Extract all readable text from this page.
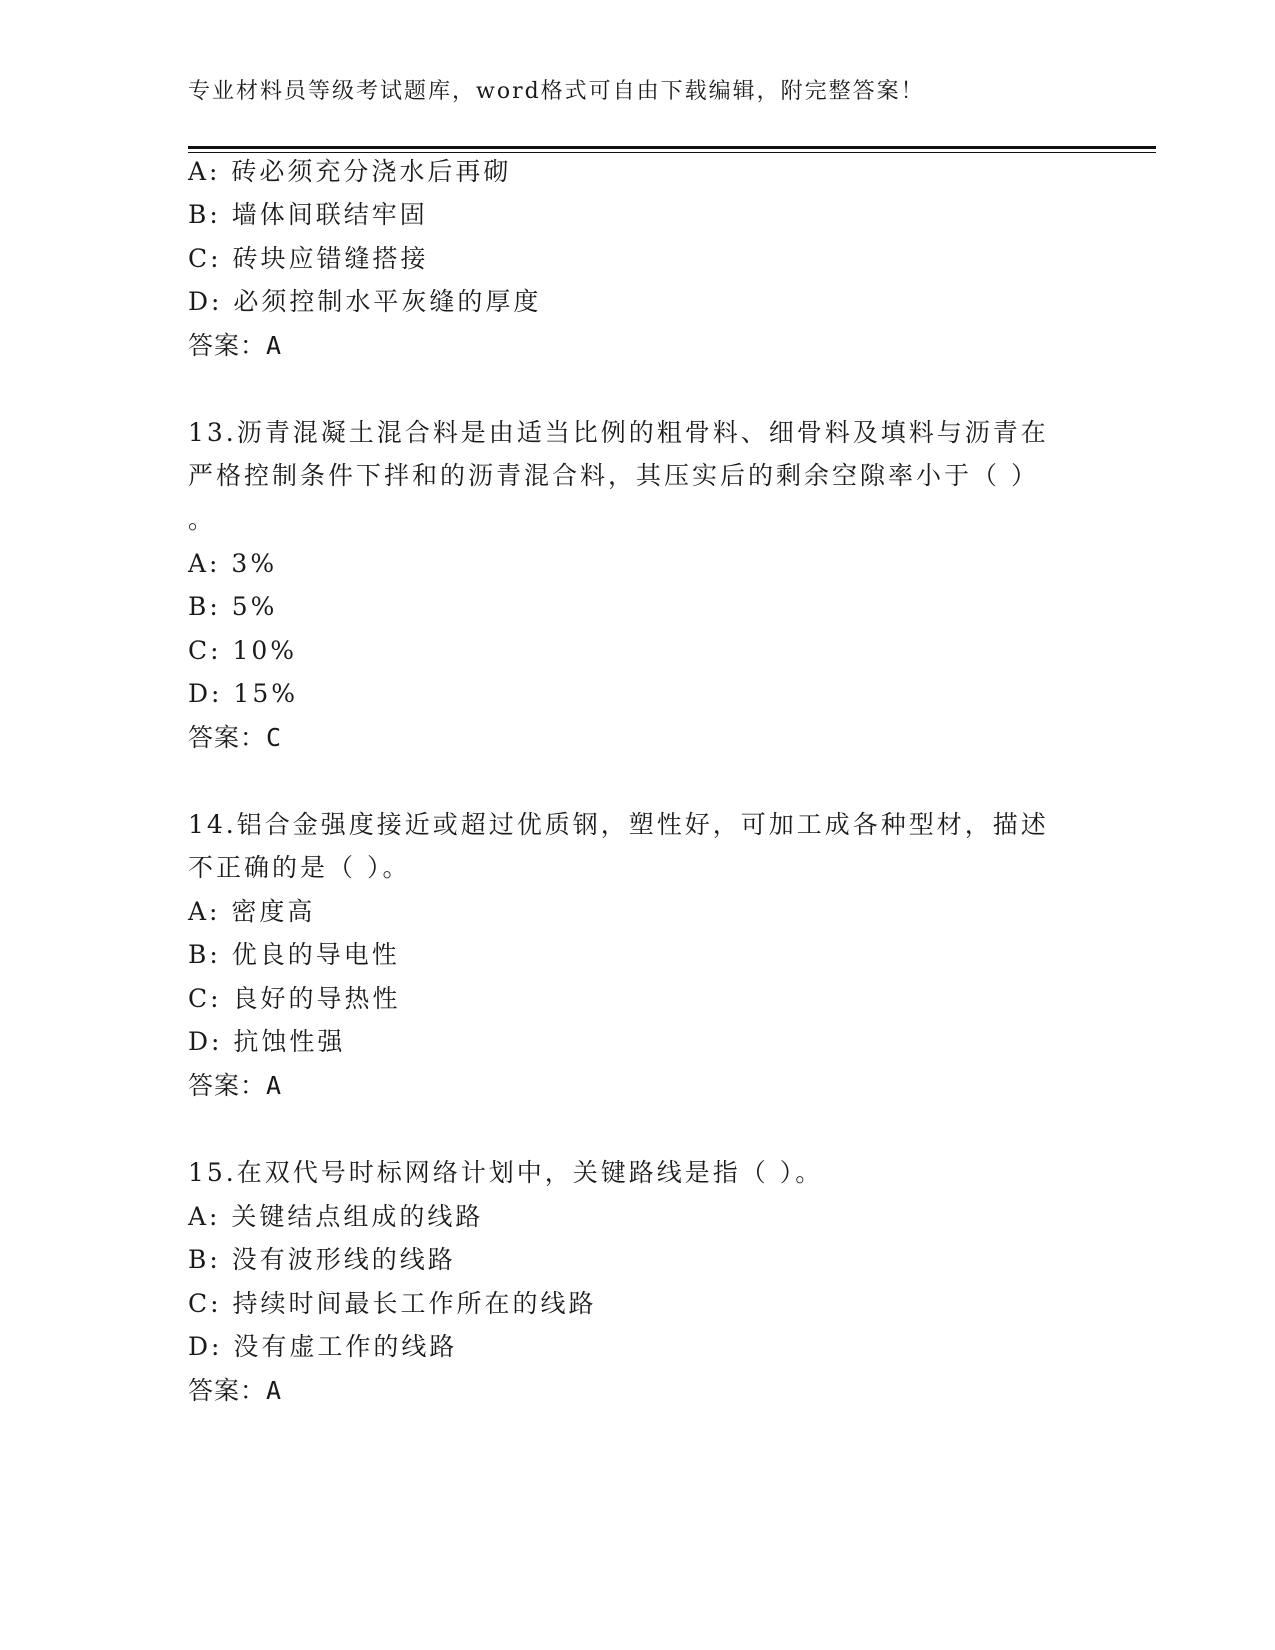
专业材料员等级考试题库，word格式可自由下载编辑，附完整答案！
A: 砖必须充分浇水后再砌
B: 墙体间联结牢固
C: 砖块应错缝搭接
D: 必须控制水平灰缝的厚度
答案：A
13.沥青混凝土混合料是由适当比例的粗骨料、细骨料及填料与沥青在
严格控制条件下拌和的沥青混合料，其压实后的剩余空隙率小于（ ）
。
A: 3%
B: 5%
C: 10%
D: 15%
答案：C
14.铝合金强度接近或超过优质钢，塑性好，可加工成各种型材，描述
不正确的是（ ）。
A: 密度高
B: 优良的导电性
C: 良好的导热性
D: 抗蚀性强
答案：A
15.在双代号时标网络计划中，关键路线是指（ ）。
A: 关键结点组成的线路
B: 没有波形线的线路
C: 持续时间最长工作所在的线路
D: 没有虚工作的线路
答案：A
